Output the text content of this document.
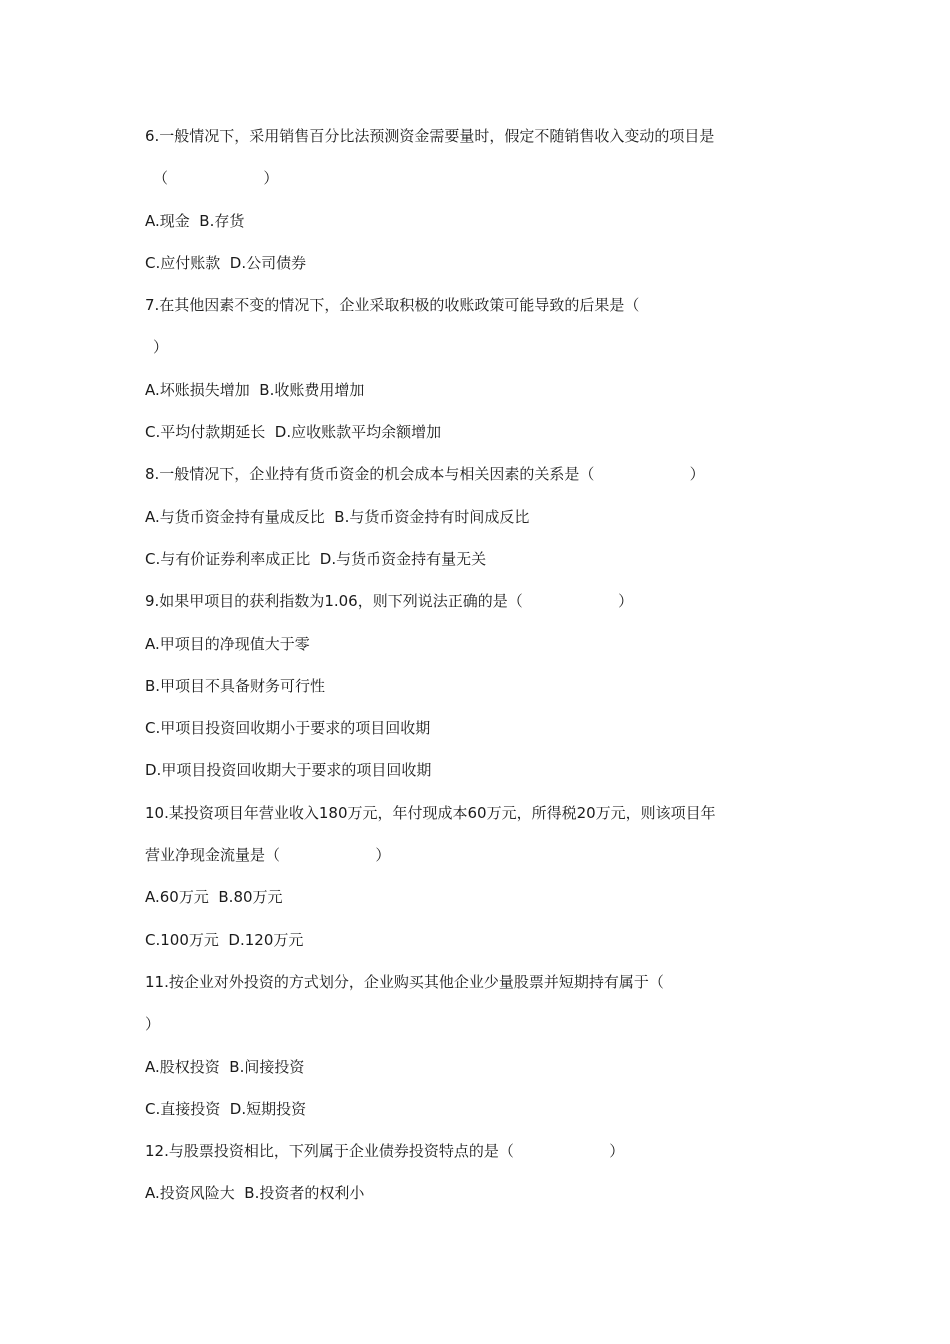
6.一般情况下，采用销售百分比法预测资金需要量时，假定不随销售收入变动的项目是
（                    ）
A.现金  B.存货
C.应付账款  D.公司债券
7.在其他因素不变的情况下，企业采取积极的收账政策可能导致的后果是（
）
A.坏账损失增加  B.收账费用增加
C.平均付款期延长  D.应收账款平均余额增加
8.一般情况下，企业持有货币资金的机会成本与相关因素的关系是（                    ）
A.与货币资金持有量成反比  B.与货币资金持有时间成反比
C.与有价证券利率成正比  D.与货币资金持有量无关
9.如果甲项目的获利指数为1.06，则下列说法正确的是（                    ）
A.甲项目的净现值大于零
B.甲项目不具备财务可行性
C.甲项目投资回收期小于要求的项目回收期
D.甲项目投资回收期大于要求的项目回收期
10.某投资项目年营业收入180万元，年付现成本60万元，所得税20万元，则该项目年
营业净现金流量是（                    ）
A.60万元  B.80万元
C.100万元  D.120万元
11.按企业对外投资的方式划分，企业购买其他企业少量股票并短期持有属于（
）
A.股权投资  B.间接投资
C.直接投资  D.短期投资
12.与股票投资相比，下列属于企业债券投资特点的是（                    ）
A.投资风险大  B.投资者的权利小
